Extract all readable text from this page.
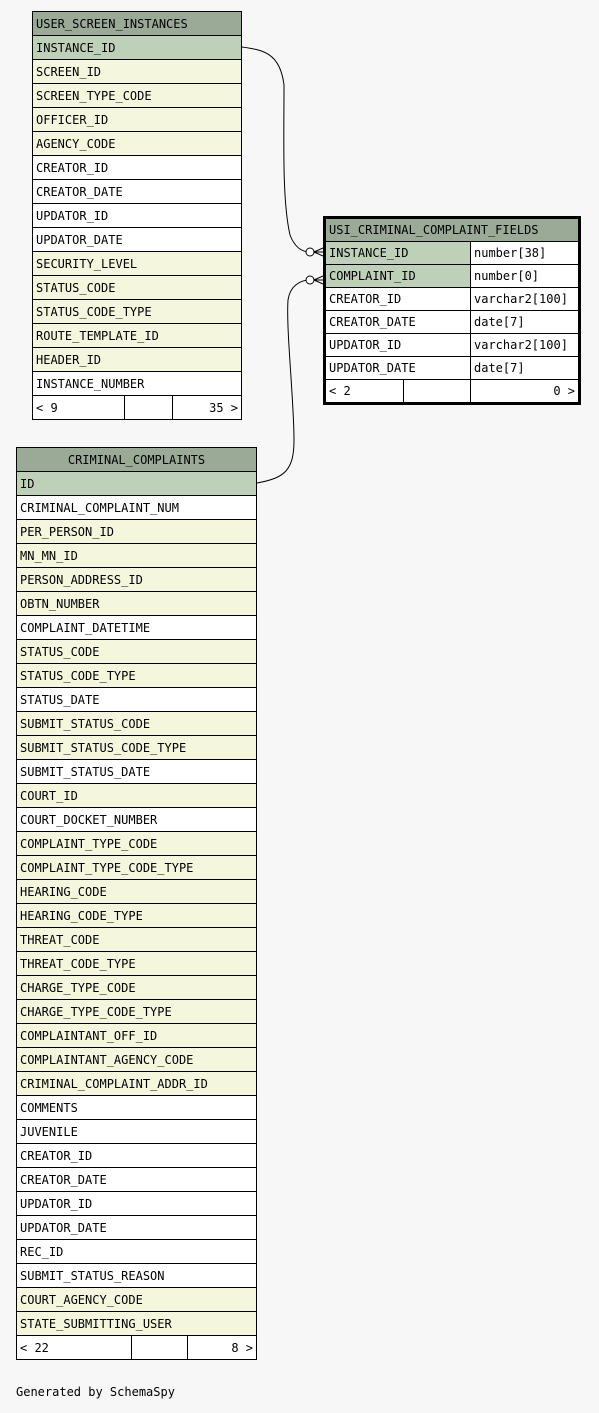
USER_SCREEN_INSTANCES
INSTANCE_ID
SCREEN_ID
SCREEN_TYPE_CODE
OFFICER_ID
AGENCY_CODE
CREATOR_ID
CREATOR_DATE
UPDATOR_ID
UPDATOR_DATE
SECURITY_LEVEL
STATUS_CODE
STATUS_CODE_TYPE
ROUTE_TEMPLATE_ID
HEADER_ID
INSTANCE_NUMBER
< 9		35 >
USI_CRIMINAL_COMPLAINT_FIELDS		
INSTANCE_ID		number[38]
COMPLAINT_ID		number[0]
CREATOR_ID		varchar2[100]
CREATOR_DATE		date[7]
UPDATOR_ID		varchar2[100]
UPDATOR_DATE		date[7]
< 2		0 >
CRIMINAL_COMPLAINTS
ID
CRIMINAL_COMPLAINT_NUM
PER_PERSON_ID
MN_MN_ID
PERSON_ADDRESS_ID
OBTN_NUMBER
COMPLAINT_DATETIME
STATUS_CODE
STATUS_CODE_TYPE
STATUS_DATE
SUBMIT_STATUS_CODE
SUBMIT_STATUS_CODE_TYPE
SUBMIT_STATUS_DATE
COURT_ID
COURT_DOCKET_NUMBER
COMPLAINT_TYPE_CODE
COMPLAINT_TYPE_CODE_TYPE
HEARING_CODE
HEARING_CODE_TYPE
THREAT_CODE
THREAT_CODE_TYPE
CHARGE_TYPE_CODE
CHARGE_TYPE_CODE_TYPE
COMPLAINTANT_OFF_ID
COMPLAINTANT_AGENCY_CODE
CRIMINAL_COMPLAINT_ADDR_ID
COMMENTS
JUVENILE
CREATOR_ID
CREATOR_DATE
UPDATOR_ID
UPDATOR_DATE
REC_ID
SUBMIT_STATUS_REASON
COURT_AGENCY_CODE
STATE_SUBMITTING_USER
< 22		8 >
Generated by SchemaSpy
